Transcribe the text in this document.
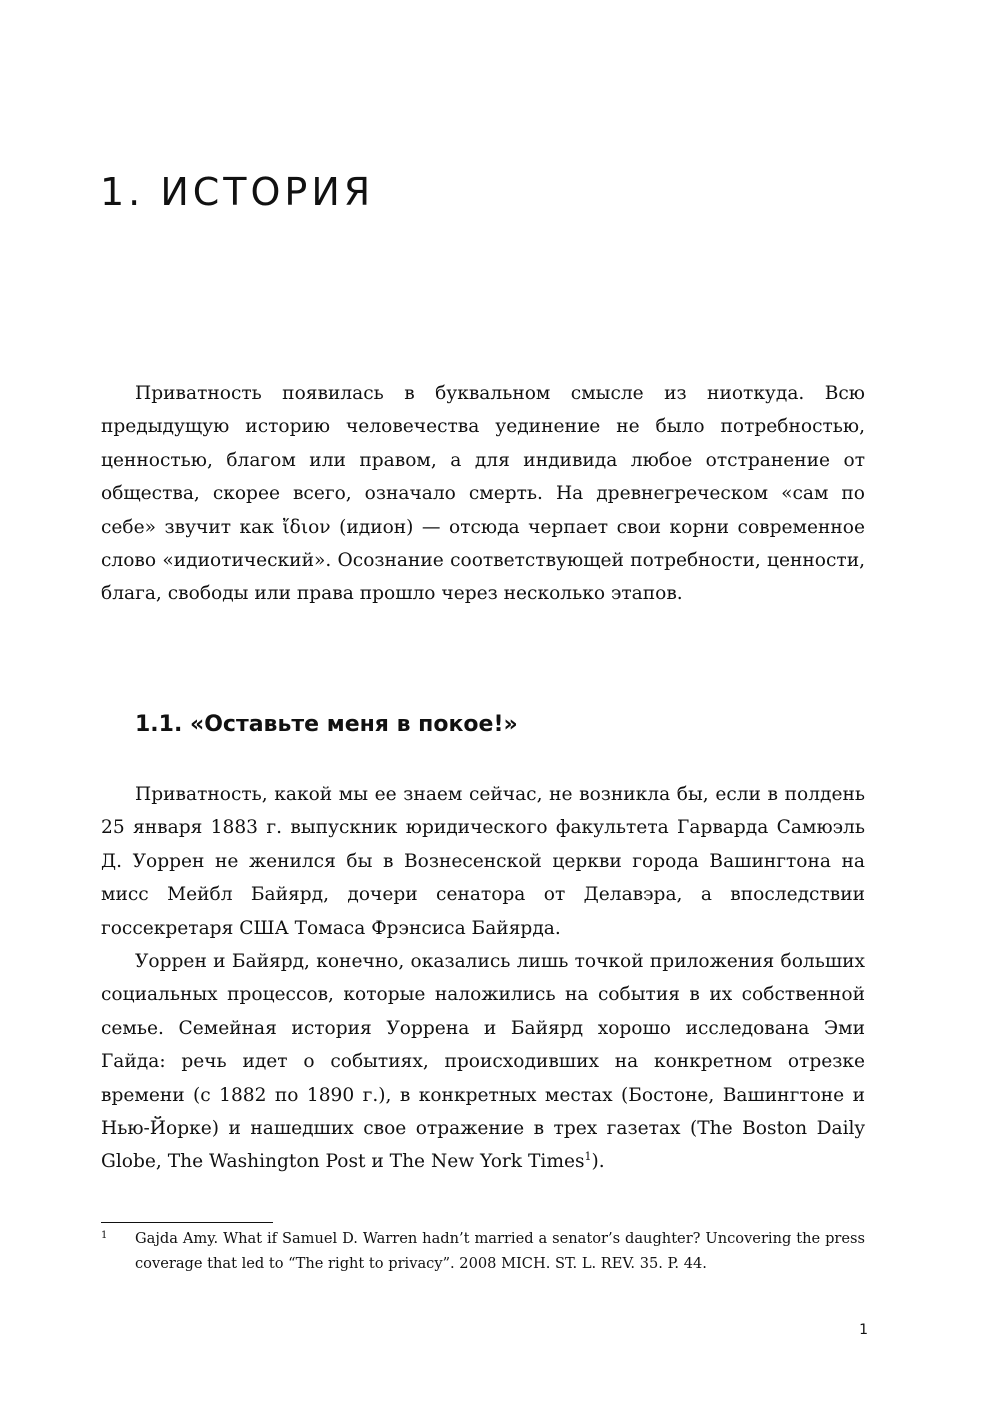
1. ИСТОРИЯ

Приватность появилась в буквальном смысле из ниоткуда. Всю предыдущую историю человечества уединение не было потребностью, ценностью, благом или правом, а для индивида любое отстранение от общества, скорее всего, означало смерть. На древнегреческом «сам по себе» звучит как ἴδιον (идион) — отсюда черпает свои корни современное слово «идиотический». Осознание соответствующей потребности, ценности, блага, свободы или права прошло через несколько этапов.

1.1. «Оставьте меня в покое!»

Приватность, какой мы ее знаем сейчас, не возникла бы, если в полдень 25 января 1883 г. выпускник юридического факультета Гарварда Самюэль Д. Уоррен не женился бы в Вознесенской церкви города Вашингтона на мисс Мейбл Байярд, дочери сенатора от Делавэра, а впоследствии госсекретаря США Томаса Фрэнсиса Байярда.

Уоррен и Байярд, конечно, оказались лишь точкой приложения больших социальных процессов, которые наложились на события в их собственной семье. Семейная история Уоррена и Байярд хорошо исследована Эми Гайда: речь идет о событиях, происходивших на конкретном отрезке времени (с 1882 по 1890 г.), в конкретных местах (Бостоне, Вашингтоне и Нью-Йорке) и нашедших свое отражение в трех газетах (The Boston Daily Globe, The Washington Post и The New York Times$^1$).

1 Gajda Amy. What if Samuel D. Warren hadn’t married a senator’s daughter? Uncovering the press coverage that led to “The right to privacy”. 2008 MICH. ST. L. REV. 35. P. 44.
1
